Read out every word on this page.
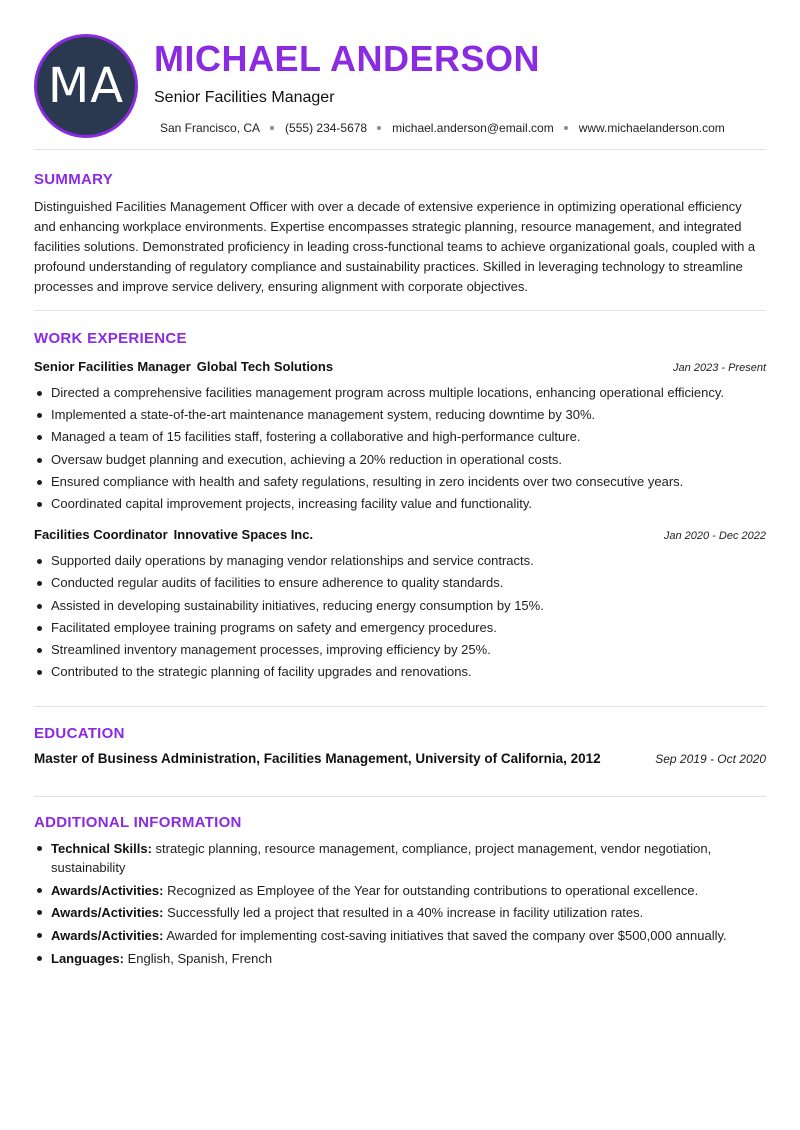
MA MICHAEL ANDERSON
Senior Facilities Manager
San Francisco, CA (555) 234-5678 michael.anderson@email.com www.michaelanderson.com
SUMMARY

Distinguished Facilities Management Officer with over a decade of extensive experience in optimizing operational efficiency and enhancing workplace environments. Expertise encompasses strategic planning, resource management, and integrated facilities solutions. Demonstrated proficiency in leading cross-functional teams to achieve organizational goals, coupled with a profound understanding of regulatory compliance and sustainability practices. Skilled in leveraging technology to streamline processes and improve service delivery, ensuring alignment with corporate objectives.

WORK EXPERIENCE
Senior Facilities Manager Global Tech Solutions	Jan 2023 - Present
Directed a comprehensive facilities management program across multiple locations, enhancing operational efficiency.
Implemented a state-of-the-art maintenance management system, reducing downtime by 30%.
Managed a team of 15 facilities staff, fostering a collaborative and high-performance culture.
Oversaw budget planning and execution, achieving a 20% reduction in operational costs.
Ensured compliance with health and safety regulations, resulting in zero incidents over two consecutive years.
Coordinated capital improvement projects, increasing facility value and functionality.
Facilities Coordinator Innovative Spaces Inc.	Jan 2020 - Dec 2022
Supported daily operations by managing vendor relationships and service contracts.
Conducted regular audits of facilities to ensure adherence to quality standards.
Assisted in developing sustainability initiatives, reducing energy consumption by 15%.
Facilitated employee training programs on safety and emergency procedures.
Streamlined inventory management processes, improving efficiency by 25%.
Contributed to the strategic planning of facility upgrades and renovations.
EDUCATION
Master of Business Administration, Facilities Management, University of California, 2012	Sep 2019 - Oct 2020
ADDITIONAL INFORMATION
Technical Skills: strategic planning, resource management, compliance, project management, vendor negotiation, sustainability
Awards/Activities: Recognized as Employee of the Year for outstanding contributions to operational excellence.
Awards/Activities: Successfully led a project that resulted in a 40% increase in facility utilization rates.
Awards/Activities: Awarded for implementing cost-saving initiatives that saved the company over $500,000 annually.
Languages: English, Spanish, French
